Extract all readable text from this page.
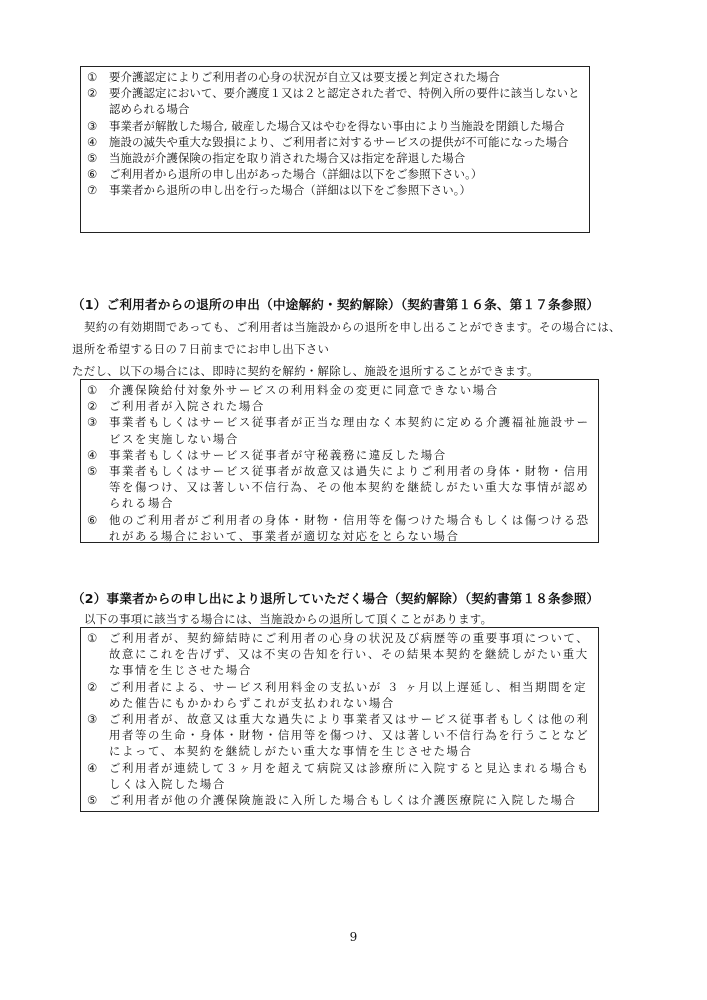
①	要介護認定によりご利用者の心身の状況が自立又は要支援と判定された場合
②	要介護認定において、要介護度１又は２と認定された者で、特例入所の要件に該当しないと認められる場合
③	事業者が解散した場合, 破産した場合又はやむを得ない事由により当施設を閉鎖した場合
④	施設の滅失や重大な毀損により、ご利用者に対するサービスの提供が不可能になった場合
⑤	当施設が介護保険の指定を取り消された場合又は指定を辞退した場合
⑥	ご利用者から退所の申し出があった場合（詳細は以下をご参照下さい。）
⑦	事業者から退所の申し出を行った場合（詳細は以下をご参照下さい。）
（1）ご利用者からの退所の申出（中途解約・契約解除）（契約書第１６条、第１７条参照）
契約の有効期間であっても、ご利用者は当施設からの退所を申し出ることができます。その場合には、
退所を希望する日の７日前までにお申し出下さい
ただし、以下の場合には、即時に契約を解約・解除し、施設を退所することができます。
①	介護保険給付対象外サービスの利用料金の変更に同意できない場合
②	ご利用者が入院された場合
③	事業者もしくはサービス従事者が正当な理由なく本契約に定める介護福祉施設サービスを実施しない場合
④	事業者もしくはサービス従事者が守秘義務に違反した場合
⑤	事業者もしくはサービス従事者が故意又は過失によりご利用者の身体・財物・信用等を傷つけ、又は著しい不信行為、その他本契約を継続しがたい重大な事情が認められる場合
⑥	他のご利用者がご利用者の身体・財物・信用等を傷つけた場合もしくは傷つける恐れがある場合において、事業者が適切な対応をとらない場合
（2）事業者からの申し出により退所していただく場合（契約解除）（契約書第１８条参照）
以下の事項に該当する場合には、当施設からの退所して頂くことがあります。
①	ご利用者が、契約締結時にご利用者の心身の状況及び病歴等の重要事項について、故意にこれを告げず、又は不実の告知を行い、その結果本契約を継続しがたい重大な事情を生じさせた場合
②	ご利用者による、サービス利用料金の支払いが ３ ヶ月以上遅延し、相当期間を定めた催告にもかかわらずこれが支払われない場合
③	ご利用者が、故意又は重大な過失により事業者又はサービス従事者もしくは他の利用者等の生命・身体・財物・信用等を傷つけ、又は著しい不信行為を行うことなどによって、本契約を継続しがたい重大な事情を生じさせた場合
④	ご利用者が連続して３ヶ月を超えて病院又は診療所に入院すると見込まれる場合もしくは入院した場合
⑤	ご利用者が他の介護保険施設に入所した場合もしくは介護医療院に入院した場合
9
